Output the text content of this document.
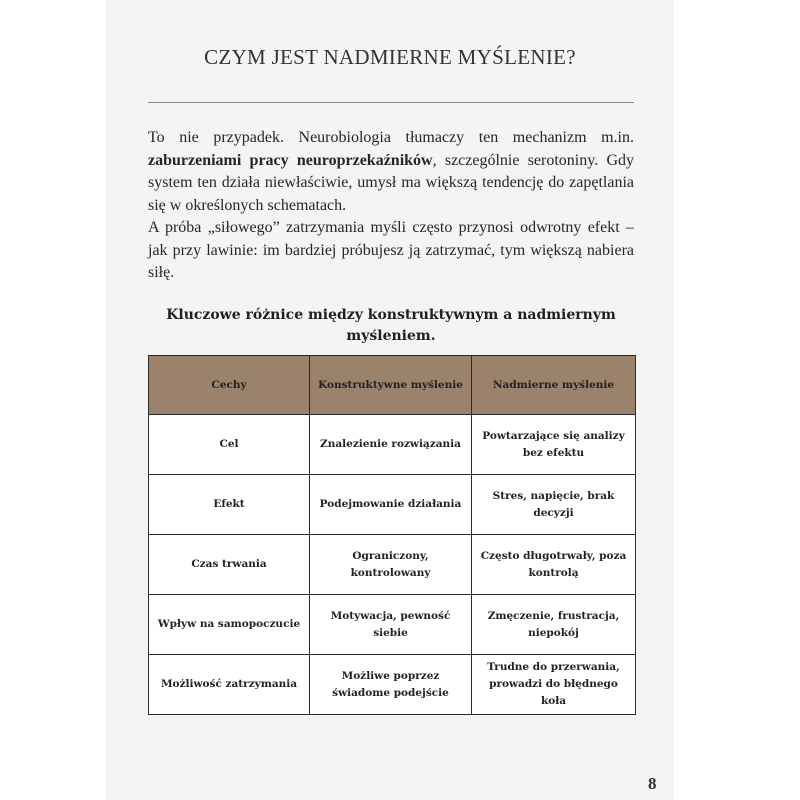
CZYM JEST NADMIERNE MYŚLENIE?

To nie przypadek. Neurobiologia tłumaczy ten mechanizm m.in. zaburzeniami pracy neuroprzekaźników, szczególnie serotoniny. Gdy system ten działa niewłaściwie, umysł ma większą tendencję do zapętlania się w określonych schematach.

A próba „siłowego” zatrzymania myśli często przynosi odwrotny efekt – jak przy lawinie: im bardziej próbujesz ją zatrzymać, tym większą nabiera siłę.

Kluczowe różnice między konstruktywnym a nadmiernym myśleniem.
Cechy	Konstruktywne myślenie	Nadmierne myślenie
Cel	Znalezienie rozwiązania	Powtarzające się analizy bez efektu
Efekt	Podejmowanie działania	Stres, napięcie, brak decyzji
Czas trwania	Ograniczony, kontrolowany	Często długotrwały, poza kontrolą
Wpływ na samopoczucie	Motywacja, pewność siebie	Zmęczenie, frustracja, niepokój
Możliwość zatrzymania	Możliwe poprzez świadome podejście	Trudne do przerwania, prowadzi do błędnego koła
8
